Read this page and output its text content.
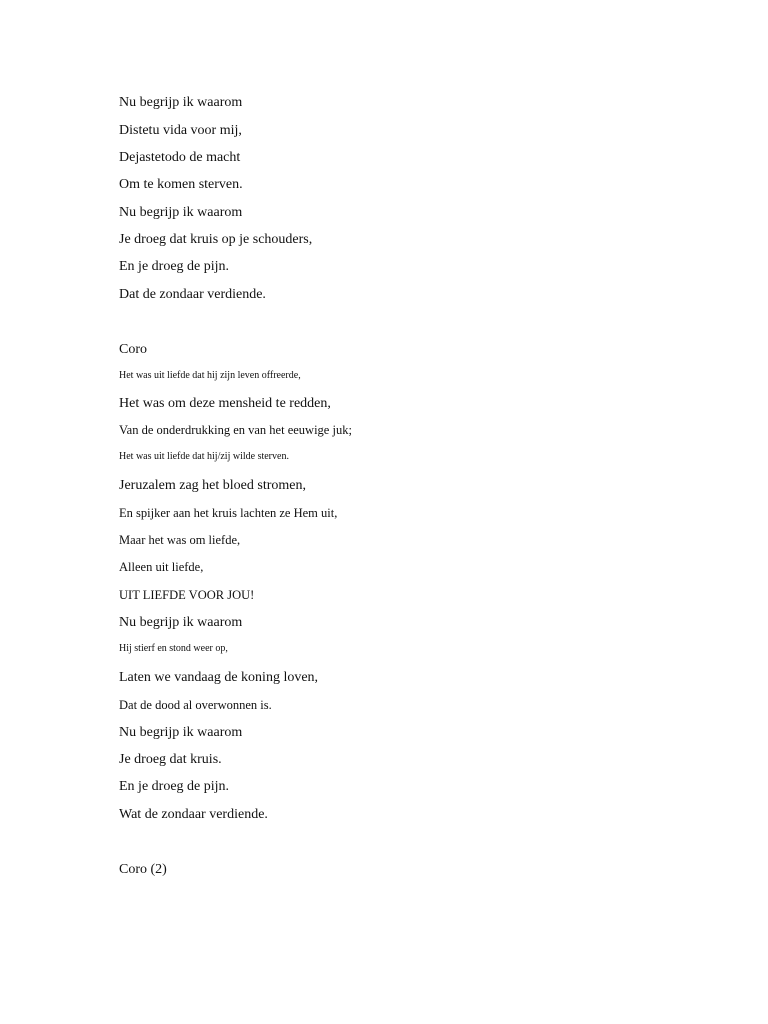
Nu begrijp ik waarom
Distetu vida voor mij,
Dejastetodo de macht
Om te komen sterven.
Nu begrijp ik waarom
Je droeg dat kruis op je schouders,
En je droeg de pijn.
Dat de zondaar verdiende.
Coro
Het was uit liefde dat hij zijn leven offreerde,
Het was om deze mensheid te redden,
Van de onderdrukking en van het eeuwige juk;
Het was uit liefde dat hij/zij wilde sterven.
Jeruzalem zag het bloed stromen,
En spijker aan het kruis lachten ze Hem uit,
Maar het was om liefde,
Alleen uit liefde,
UIT LIEFDE VOOR JOU!
Nu begrijp ik waarom
Hij stierf en stond weer op,
Laten we vandaag de koning loven,
Dat de dood al overwonnen is.
Nu begrijp ik waarom
Je droeg dat kruis.
En je droeg de pijn.
Wat de zondaar verdiende.
Coro (2)
